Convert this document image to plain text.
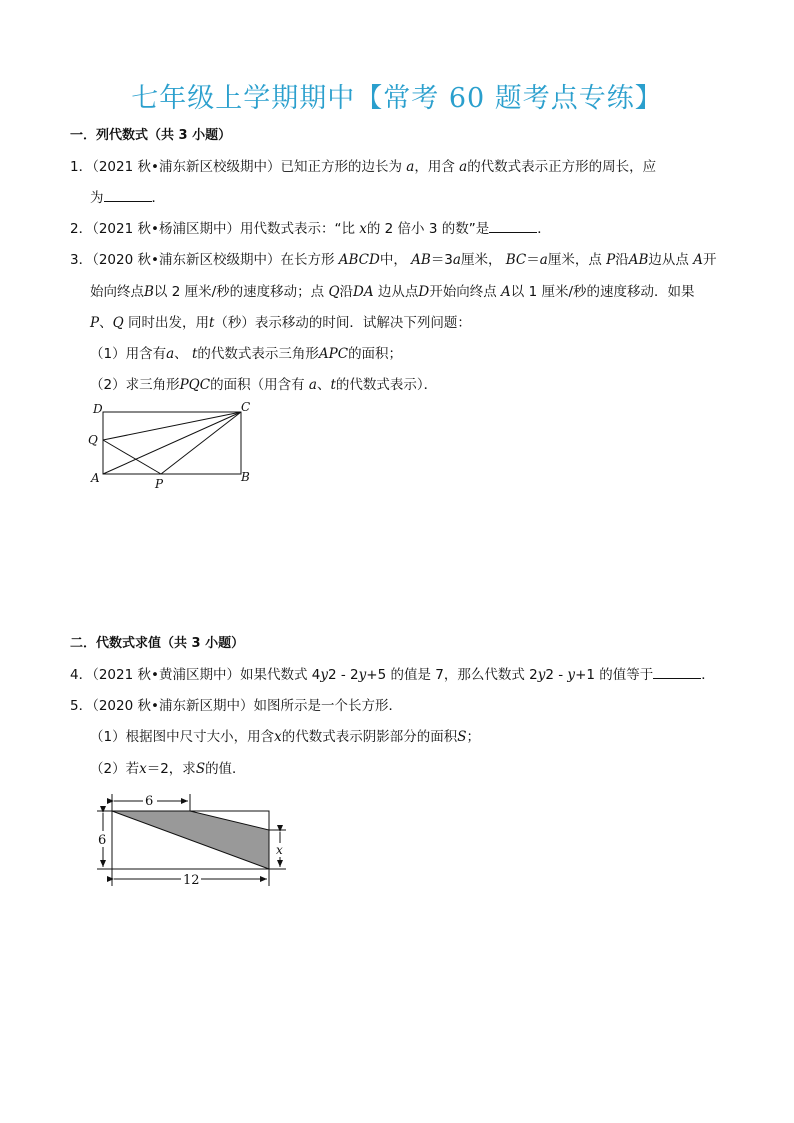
七年级上学期期中【常考 60 题考点专练】
一．列代数式（共 3 小题）
1．（2021 秋•浦东新区校级期中）已知正方形的边长为 a，用含 a的代数式表示正方形的周长，应
为	．
2．（2021 秋•杨浦区期中）用代数式表示：“比 x的 2 倍小 3 的数”是	．
3．（2020 秋•浦东新区校级期中）在长方形 ABCD中， AB＝3a厘米， BC＝a厘米，点 P沿AB边从点 A开
始向终点B以 2 厘米/秒的速度移动；点 Q沿DA 边从点D开始向终点 A以 1 厘米/秒的速度移动．如果
P、Q 同时出发，用t（秒）表示移动的时间．试解决下列问题：
（1）用含有a、 t的代数式表示三角形APC的面积；
（2）求三角形PQC的面积（用含有 a、t的代数式表示）．
D	C
Q
A	P	B
二．代数式求值（共 3 小题）
4．（2021 秋•黄浦区期中）如果代数式 4y2 - 2y+5 的值是 7，那么代数式 2y2 - y+1 的值等于	．
5．（2020 秋•浦东新区期中）如图所示是一个长方形．
（1）根据图中尺寸大小，用含x的代数式表示阴影部分的面积S；
（2）若x＝2，求S的值．
6
6
x
12
